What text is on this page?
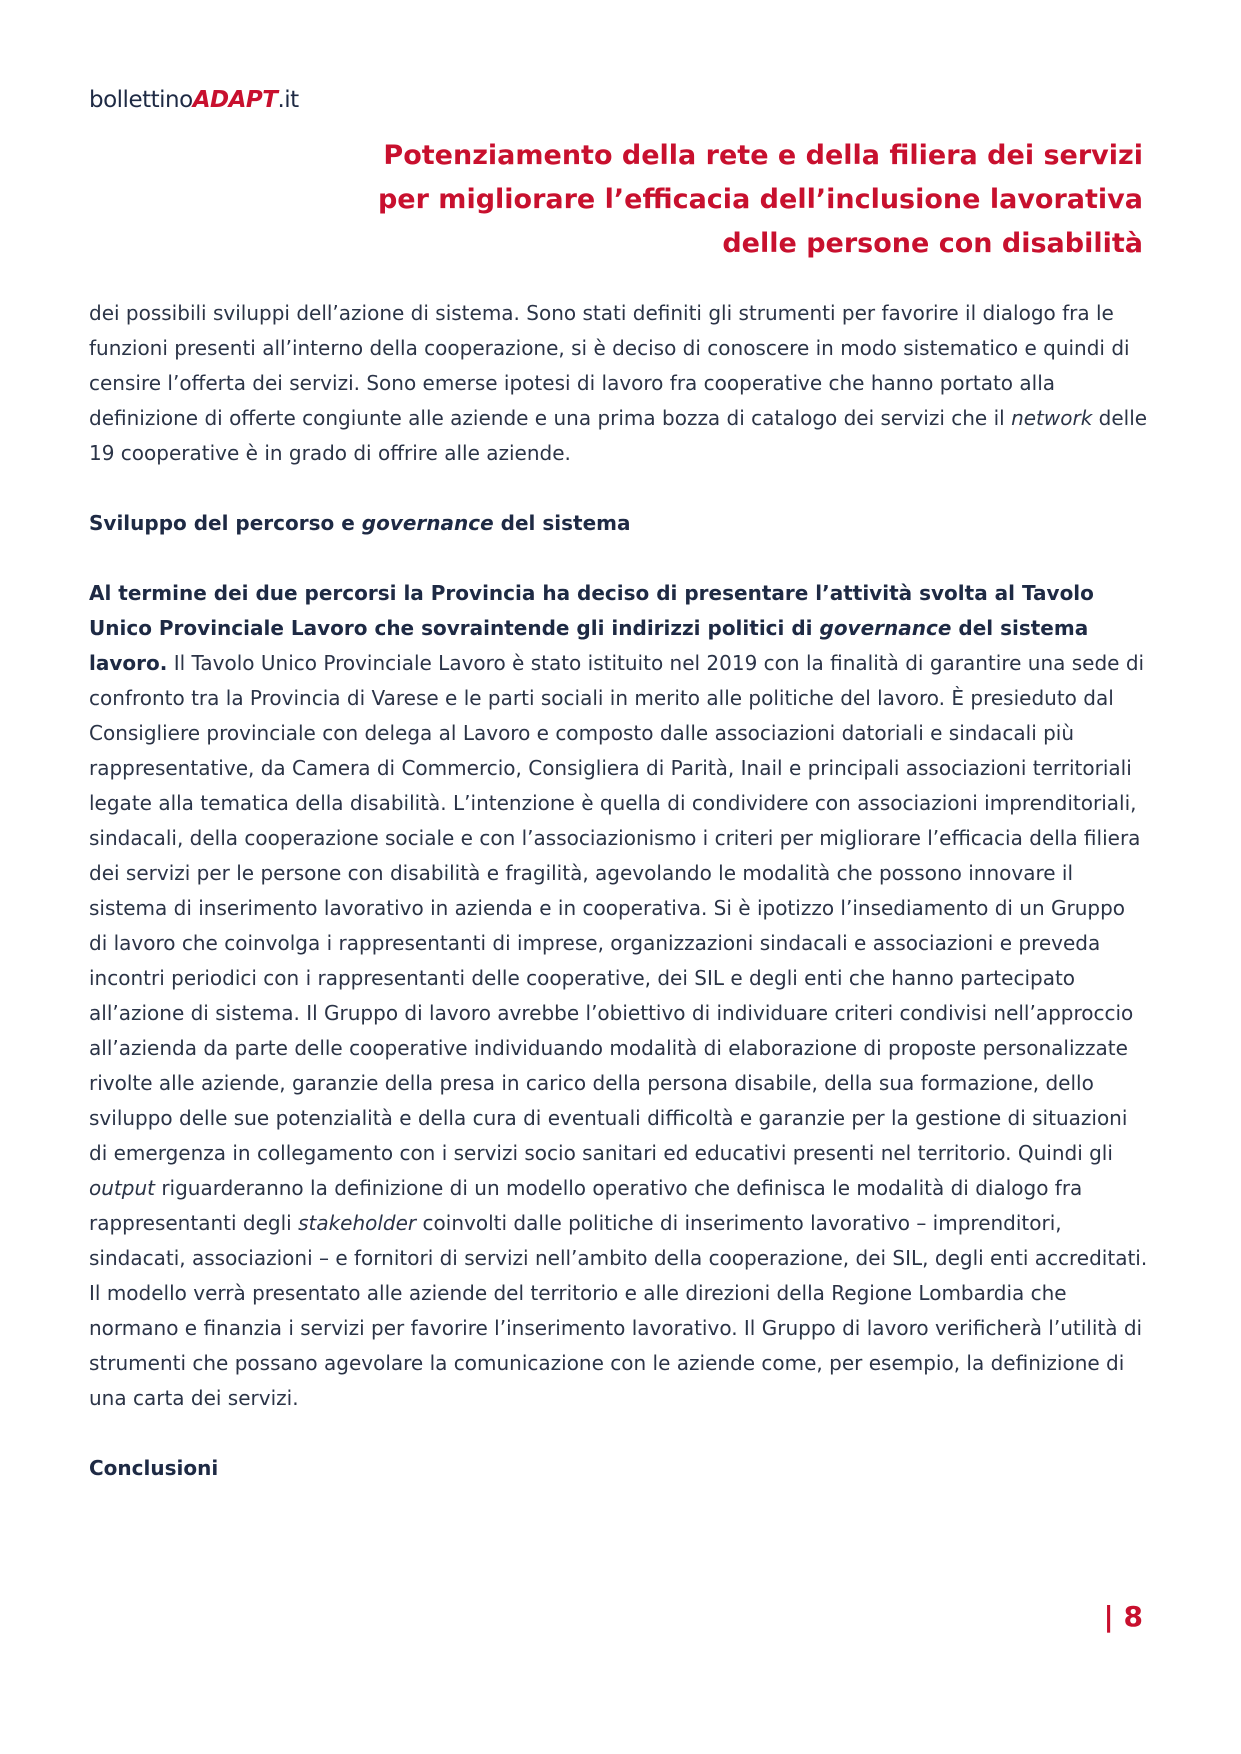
bollettinoADAPT.it
Potenziamento della rete e della filiera dei servizi
per migliorare l’efficacia dell’inclusione lavorativa
delle persone con disabilità

dei possibili sviluppi dell’azione di sistema. Sono stati definiti gli strumenti per favorire il dialogo fra le funzioni presenti all’interno della cooperazione, si è deciso di conoscere in modo sistematico e quindi di censire l’offerta dei servizi. Sono emerse ipotesi di lavoro fra cooperative che hanno portato alla definizione di offerte congiunte alle aziende e una prima bozza di catalogo dei servizi che il network delle 19 cooperative è in grado di offrire alle aziende.

Sviluppo del percorso e governance del sistema

Al termine dei due percorsi la Provincia ha deciso di presentare l’attività svolta al Tavolo Unico Provinciale Lavoro che sovraintende gli indirizzi politici di governance del sistema lavoro. Il Tavolo Unico Provinciale Lavoro è stato istituito nel 2019 con la finalità di garantire una sede di confronto tra la Provincia di Varese e le parti sociali in merito alle politiche del lavoro. È presieduto dal Consigliere provinciale con delega al Lavoro e composto dalle associazioni datoriali e sindacali più rappresentative, da Camera di Commercio, Consigliera di Parità, Inail e principali associazioni territoriali legate alla tematica della disabilità. L’intenzione è quella di condividere con associazioni imprenditoriali, sindacali, della cooperazione sociale e con l’associazionismo i criteri per migliorare l’efficacia della filiera dei servizi per le persone con disabilità e fragilità, agevolando le modalità che possono innovare il sistema di inserimento lavorativo in azienda e in cooperativa. Si è ipotizzo l’insediamento di un Gruppo di lavoro che coinvolga i rappresentanti di imprese, organizzazioni sindacali e associazioni e preveda incontri periodici con i rappresentanti delle cooperative, dei SIL e degli enti che hanno partecipato all’azione di sistema. Il Gruppo di lavoro avrebbe l’obiettivo di individuare criteri condivisi nell’approccio all’azienda da parte delle cooperative individuando modalità di elaborazione di proposte personalizzate rivolte alle aziende, garanzie della presa in carico della persona disabile, della sua formazione, dello sviluppo delle sue potenzialità e della cura di eventuali difficoltà e garanzie per la gestione di situazioni di emergenza in collegamento con i servizi socio sanitari ed educativi presenti nel territorio. Quindi gli output riguarderanno la definizione di un modello operativo che definisca le modalità di dialogo fra rappresentanti degli stakeholder coinvolti dalle politiche di inserimento lavorativo – imprenditori, sindacati, associazioni – e fornitori di servizi nell’ambito della cooperazione, dei SIL, degli enti accreditati. Il modello verrà presentato alle aziende del territorio e alle direzioni della Regione Lombardia che normano e finanzia i servizi per favorire l’inserimento lavorativo. Il Gruppo di lavoro verificherà l’utilità di strumenti che possano agevolare la comunicazione con le aziende come, per esempio, la definizione di una carta dei servizi.

Conclusioni

| 8
